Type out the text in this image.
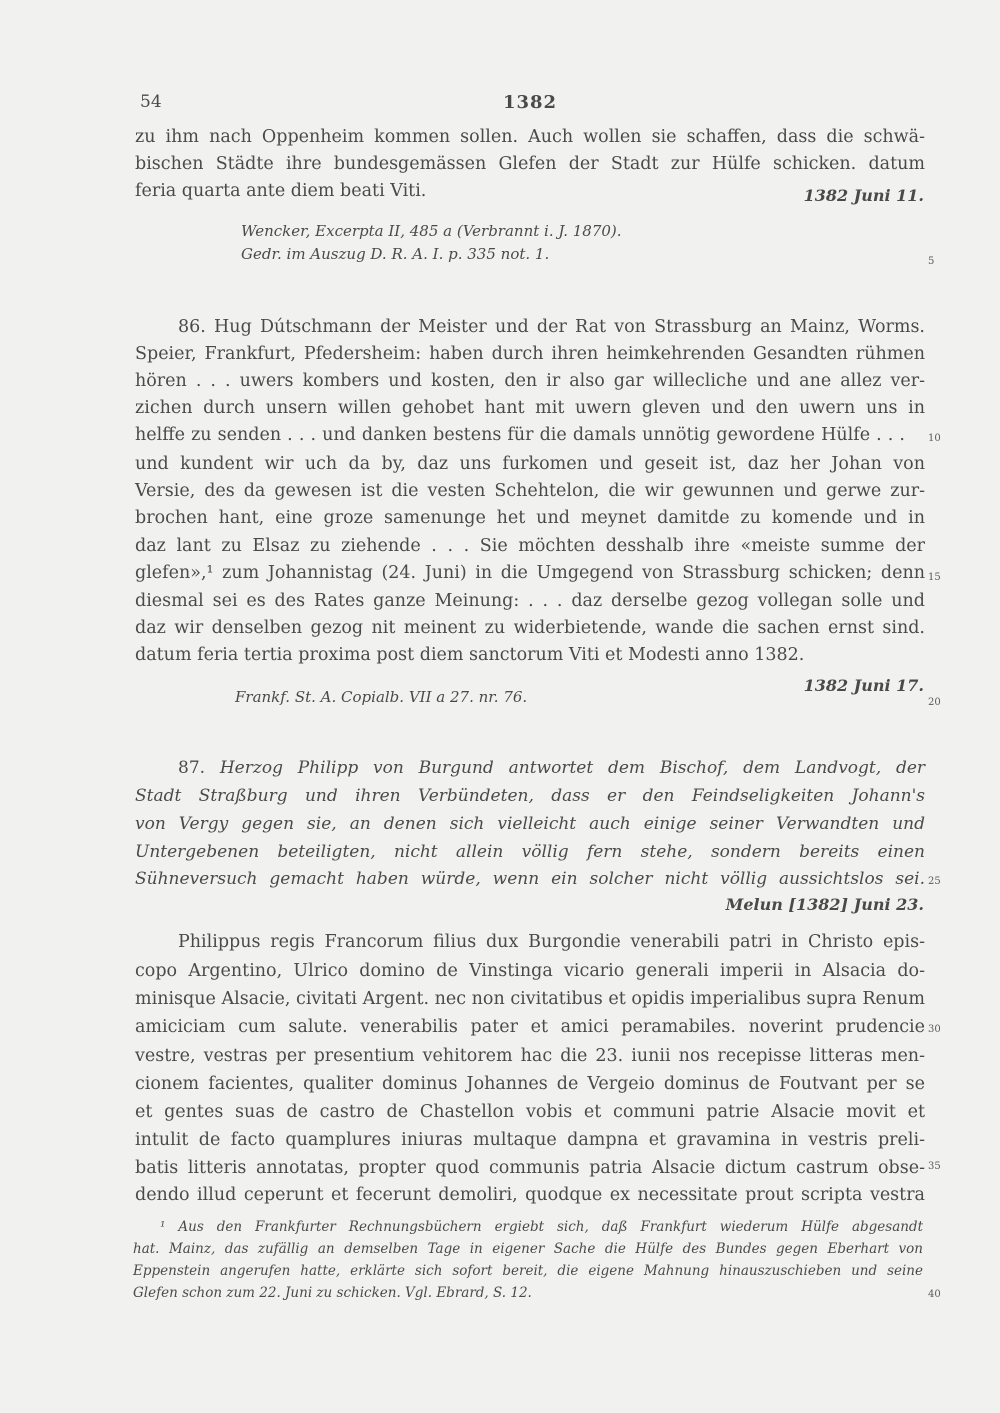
54	1382
zu ihm nach Oppenheim kommen sollen. Auch wollen sie schaffen, dass die schwä-
bischen Städte ihre bundesgemässen Glefen der Stadt zur Hülfe schicken. datum
feria quarta ante diem beati Viti.	1382 Juni 11.
Wencker, Excerpta II, 485 a (Verbrannt i. J. 1870).
Gedr. im Auszug D. R. A. I. p. 335 not. 1.
86. Hug Dútschmann der Meister und der Rat von Strassburg an Mainz, Worms.
Speier, Frankfurt, Pfedersheim: haben durch ihren heimkehrenden Gesandten rühmen
hören . . . uwers kombers und kosten, den ir also gar willecliche und ane allez ver-
zichen durch unsern willen gehobet hant mit uwern gleven und den uwern uns in
helffe zu senden . . . und danken bestens für die damals unnötig gewordene Hülfe . . .
und kundent wir uch da by, daz uns furkomen und geseit ist, daz her Johan von
Versie, des da gewesen ist die vesten Schehtelon, die wir gewunnen und gerwe zur-
brochen hant, eine groze samenunge het und meynet damitde zu komende und in
daz lant zu Elsaz zu ziehende . . . Sie möchten desshalb ihre «meiste summe der
glefen»,¹ zum Johannistag (24. Juni) in die Umgegend von Strassburg schicken; denn
diesmal sei es des Rates ganze Meinung: . . . daz derselbe gezog vollegan solle und
daz wir denselben gezog nit meinent zu widerbietende, wande die sachen ernst sind.
datum feria tertia proxima post diem sanctorum Viti et Modesti anno 1382.
1382 Juni 17.
Frankf. St. A. Copialb. VII a 27. nr. 76.
87. Herzog Philipp von Burgund antwortet dem Bischof, dem Landvogt, der
Stadt Straßburg und ihren Verbündeten, dass er den Feindseligkeiten Johann's
von Vergy gegen sie, an denen sich vielleicht auch einige seiner Verwandten und
Untergebenen beteiligten, nicht allein völlig fern stehe, sondern bereits einen
Sühneversuch gemacht haben würde, wenn ein solcher nicht völlig aussichtslos sei.
Melun [1382] Juni 23.
Philippus regis Francorum filius dux Burgondie venerabili patri in Christo epis-
copo Argentino, Ulrico domino de Vinstinga vicario generali imperii in Alsacia do-
minisque Alsacie, civitati Argent. nec non civitatibus et opidis imperialibus supra Renum
amiciciam cum salute. venerabilis pater et amici peramabiles. noverint prudencie
vestre, vestras per presentium vehitorem hac die 23. iunii nos recepisse litteras men-
cionem facientes, qualiter dominus Johannes de Vergeio dominus de Foutvant per se
et gentes suas de castro de Chastellon vobis et communi patrie Alsacie movit et
intulit de facto quamplures iniuras multaque dampna et gravamina in vestris preli-
batis litteris annotatas, propter quod communis patria Alsacie dictum castrum obse-
dendo illud ceperunt et fecerunt demoliri, quodque ex necessitate prout scripta vestra
¹ Aus den Frankfurter Rechnungsbüchern ergiebt sich, daß Frankfurt wiederum Hülfe abgesandt
hat. Mainz, das zufällig an demselben Tage in eigener Sache die Hülfe des Bundes gegen Eberhart von
Eppenstein angerufen hatte, erklärte sich sofort bereit, die eigene Mahnung hinauszuschieben und seine
Glefen schon zum 22. Juni zu schicken. Vgl. Ebrard, S. 12.
5
10
15
20
25
30
35
40
